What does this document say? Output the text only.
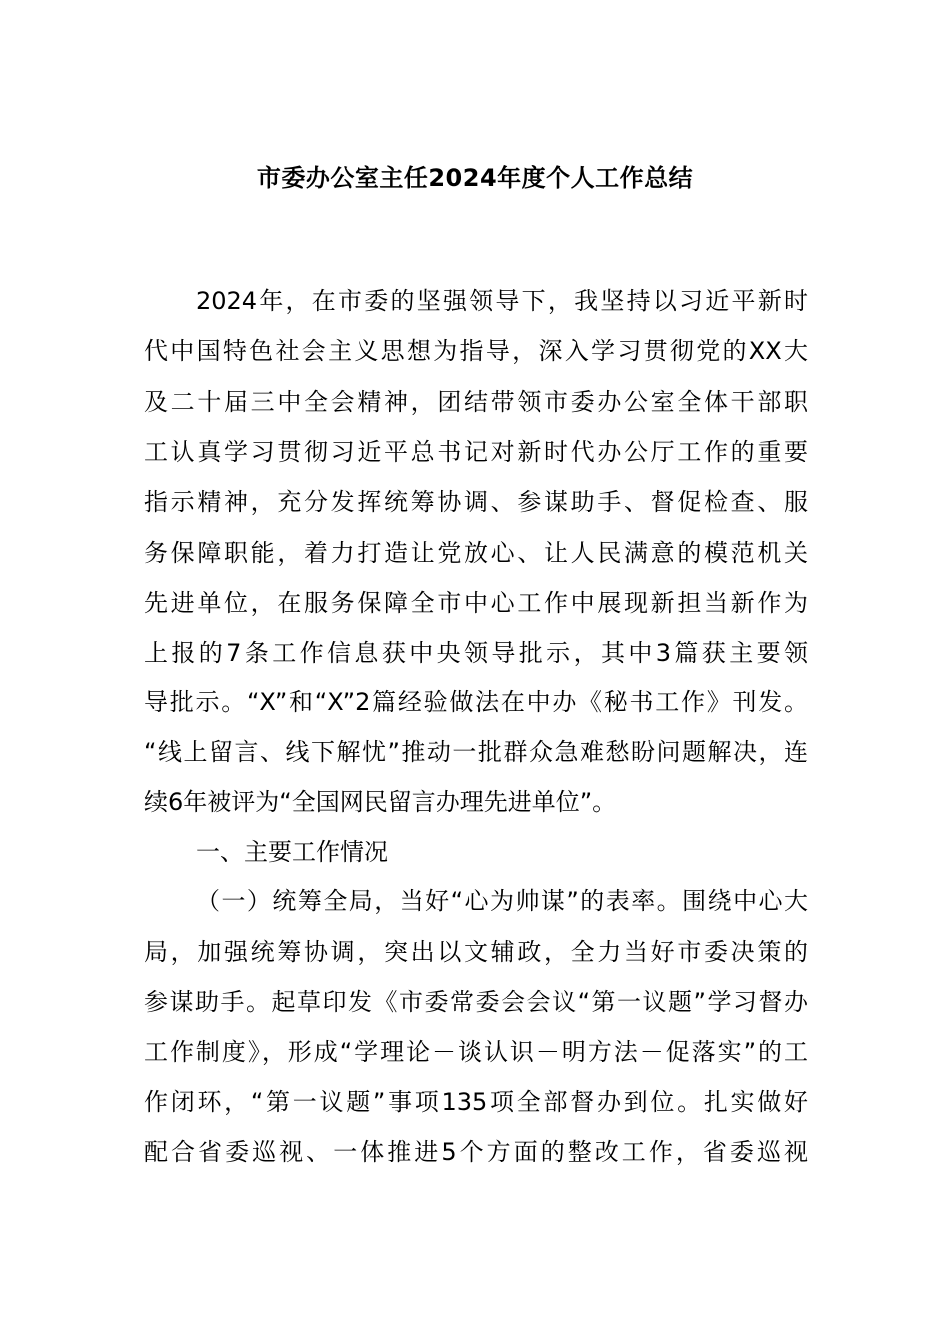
市委办公室主任2024年度个人工作总结
2024年，在市委的坚强领导下，我坚持以习近平新时
代中国特色社会主义思想为指导，深入学习贯彻党的XX大
及二十届三中全会精神，团结带领市委办公室全体干部职
工认真学习贯彻习近平总书记对新时代办公厅工作的重要
指示精神，充分发挥统筹协调、参谋助手、督促检查、服
务保障职能，着力打造让党放心、让人民满意的模范机关
先进单位，在服务保障全市中心工作中展现新担当新作为
上报的7条工作信息获中央领导批示，其中3篇获主要领
导批示。“X”和“X”2篇经验做法在中办《秘书工作》刊发。
“线上留言、线下解忧”推动一批群众急难愁盼问题解决，连
续6年被评为“全国网民留言办理先进单位”。
一、主要工作情况
（一）统筹全局，当好“心为帅谋”的表率。围绕中心大
局，加强统筹协调，突出以文辅政，全力当好市委决策的
参谋助手。起草印发《市委常委会会议“第一议题”学习督办
工作制度》，形成“学理论－谈认识－明方法－促落实”的工
作闭环，“第一议题”事项135项全部督办到位。扎实做好
配合省委巡视、一体推进5个方面的整改工作，省委巡视
